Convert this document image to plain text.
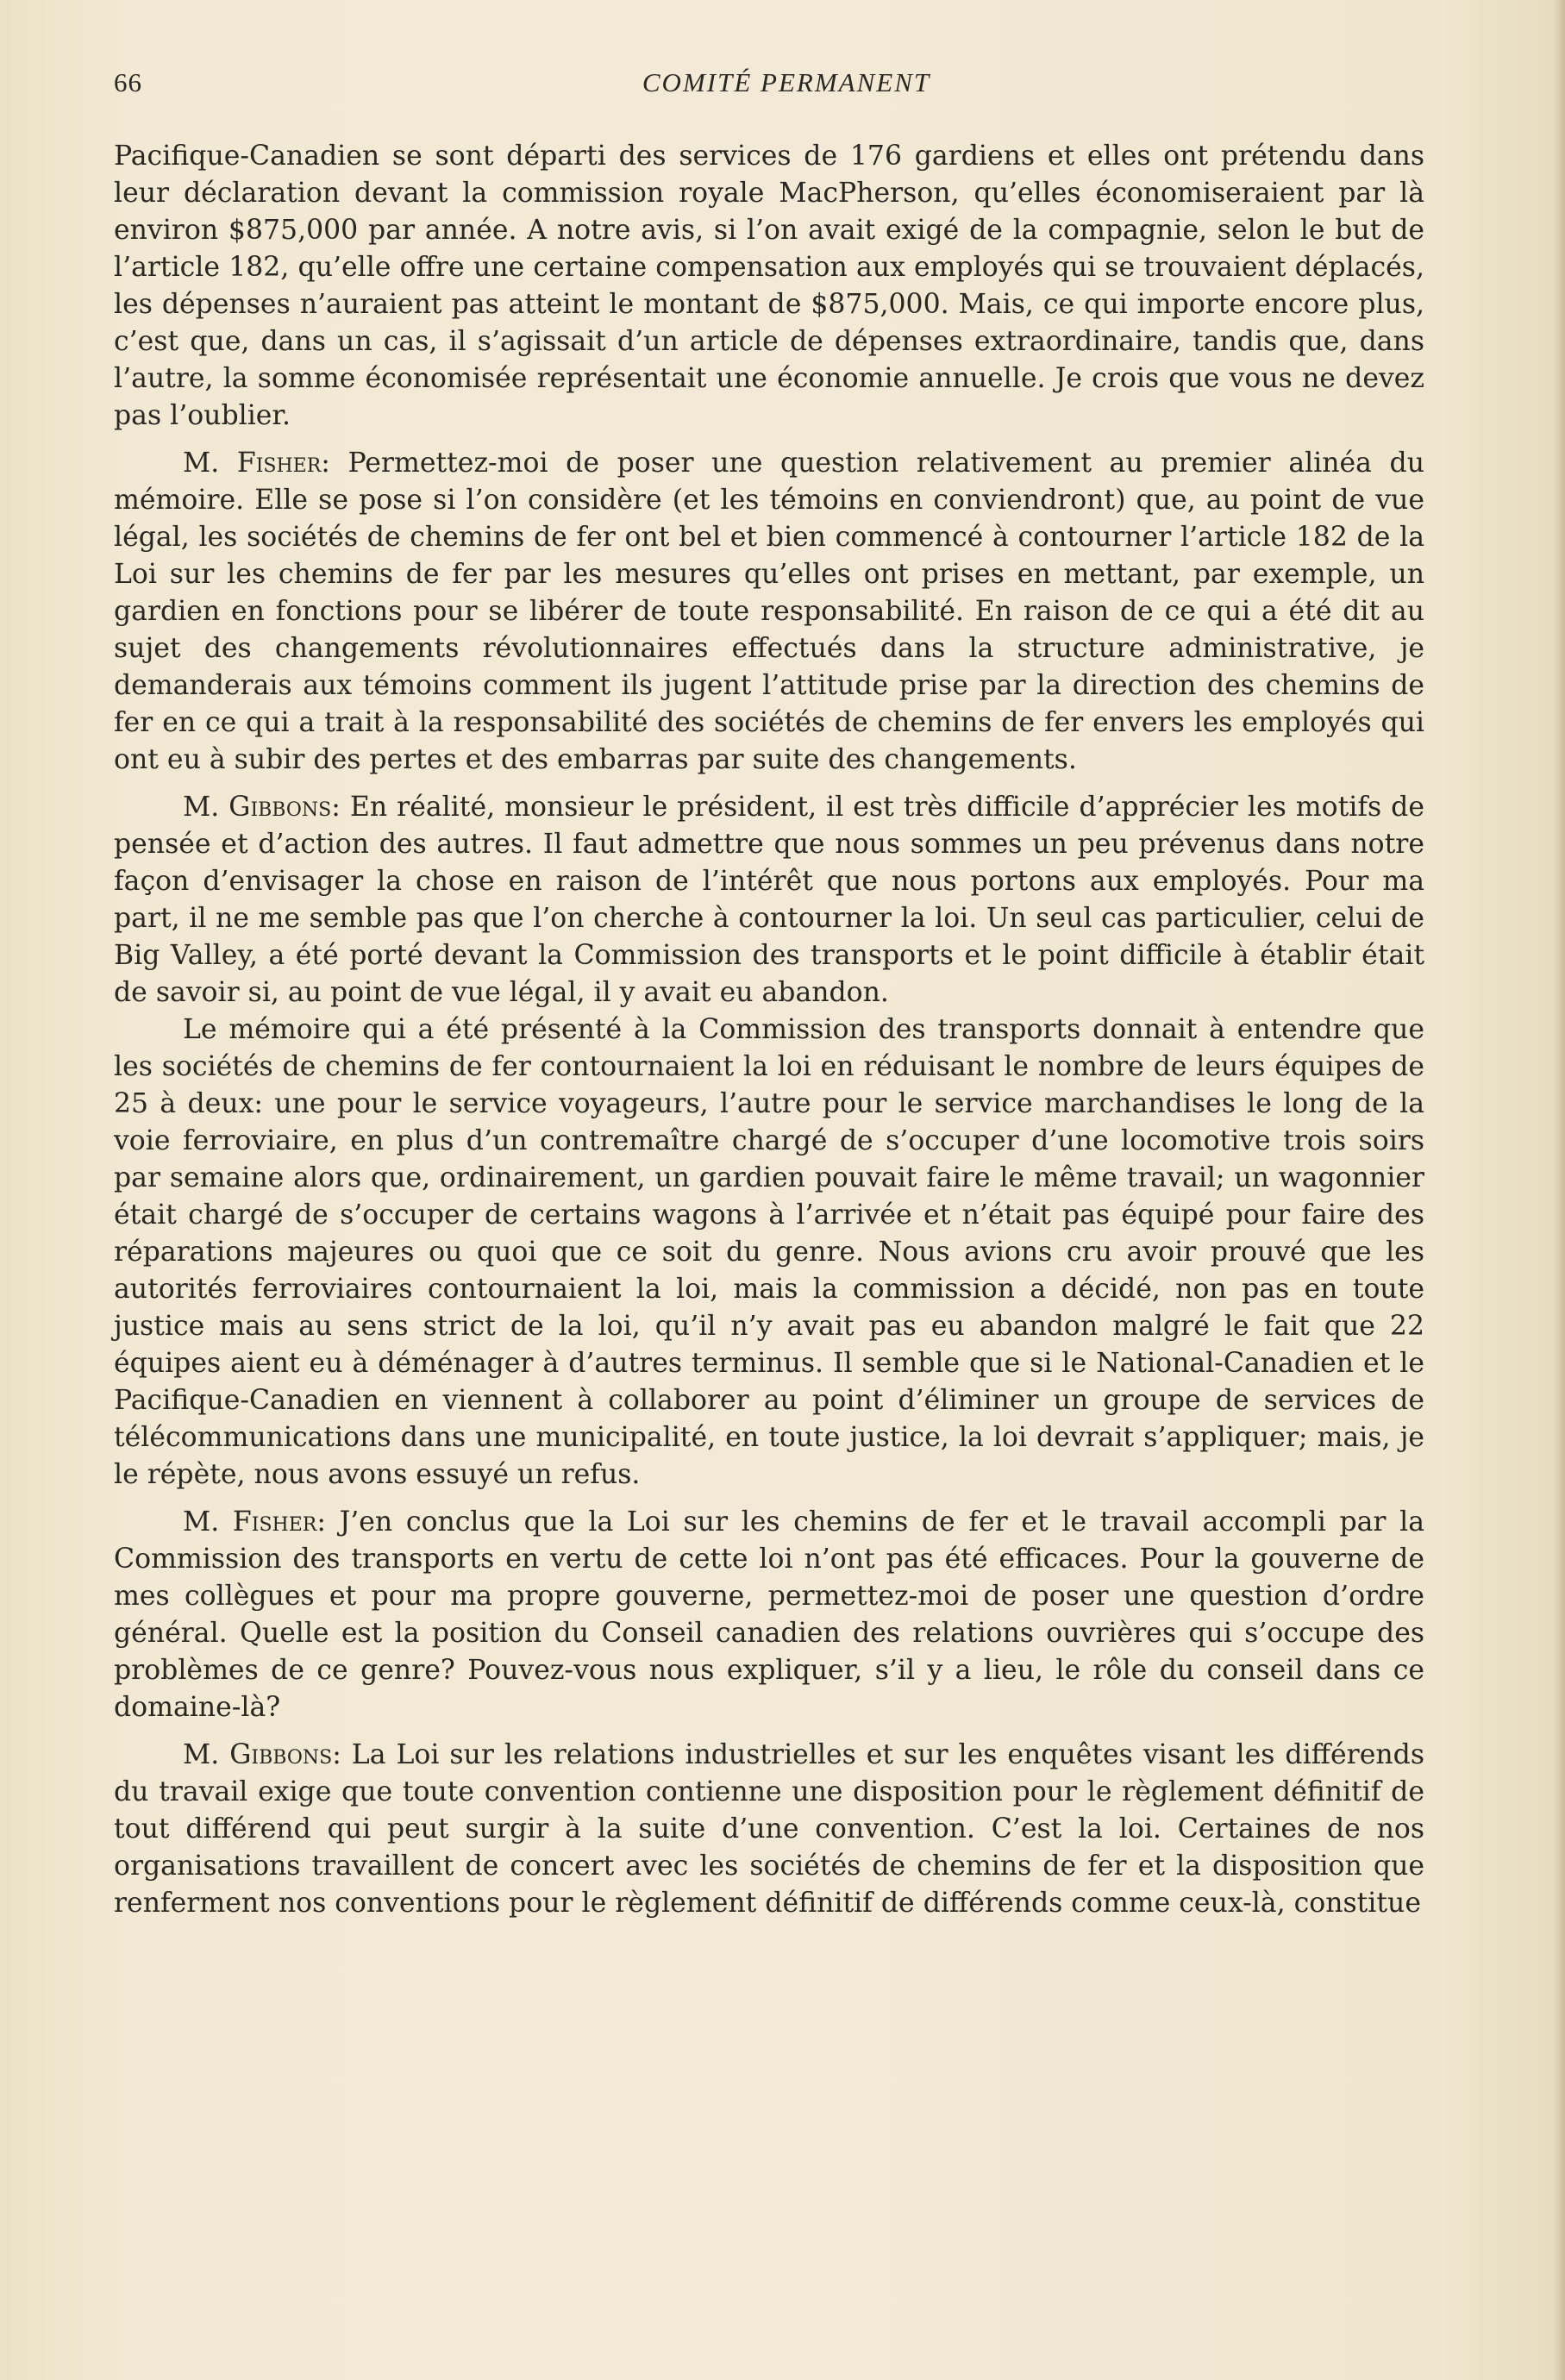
66	COMITÉ PERMANENT

Pacifique-Canadien se sont départi des services de 176 gardiens et elles ont prétendu dans leur déclaration devant la commission royale MacPherson, qu’elles économiseraient par là environ $875,000 par année. A notre avis, si l’on avait exigé de la compagnie, selon le but de l’article 182, qu’elle offre une certaine compensation aux employés qui se trouvaient déplacés, les dépenses n’auraient pas atteint le montant de $875,000. Mais, ce qui importe encore plus, c’est que, dans un cas, il s’agissait d’un article de dépenses extraordinaire, tandis que, dans l’autre, la somme économisée représentait une économie annuelle. Je crois que vous ne devez pas l’oublier.

M. Fisher: Permettez-moi de poser une question relativement au premier alinéa du mémoire. Elle se pose si l’on considère (et les témoins en conviendront) que, au point de vue légal, les sociétés de chemins de fer ont bel et bien commencé à contourner l’article 182 de la Loi sur les chemins de fer par les mesures qu’elles ont prises en mettant, par exemple, un gardien en fonctions pour se libérer de toute responsabilité. En raison de ce qui a été dit au sujet des changements révolutionnaires effectués dans la structure administrative, je demanderais aux témoins comment ils jugent l’attitude prise par la direction des chemins de fer en ce qui a trait à la responsabilité des sociétés de chemins de fer envers les employés qui ont eu à subir des pertes et des embarras par suite des changements.

M. Gibbons: En réalité, monsieur le président, il est très difficile d’apprécier les motifs de pensée et d’action des autres. Il faut admettre que nous sommes un peu prévenus dans notre façon d’envisager la chose en raison de l’intérêt que nous portons aux employés. Pour ma part, il ne me semble pas que l’on cherche à contourner la loi. Un seul cas particulier, celui de Big Valley, a été porté devant la Commission des transports et le point difficile à établir était de savoir si, au point de vue légal, il y avait eu abandon.

Le mémoire qui a été présenté à la Commission des transports donnait à entendre que les sociétés de chemins de fer contournaient la loi en réduisant le nombre de leurs équipes de 25 à deux: une pour le service voyageurs, l’autre pour le service marchandises le long de la voie ferroviaire, en plus d’un contremaître chargé de s’occuper d’une locomotive trois soirs par semaine alors que, ordinairement, un gardien pouvait faire le même travail; un wagonnier était chargé de s’occuper de certains wagons à l’arrivée et n’était pas équipé pour faire des réparations majeures ou quoi que ce soit du genre. Nous avions cru avoir prouvé que les autorités ferroviaires contournaient la loi, mais la commission a décidé, non pas en toute justice mais au sens strict de la loi, qu’il n’y avait pas eu abandon malgré le fait que 22 équipes aient eu à déménager à d’autres terminus. Il semble que si le National-Canadien et le Pacifique-Canadien en viennent à collaborer au point d’éliminer un groupe de services de télécommunications dans une municipalité, en toute justice, la loi devrait s’appliquer; mais, je le répète, nous avons essuyé un refus.

M. Fisher: J’en conclus que la Loi sur les chemins de fer et le travail accompli par la Commission des transports en vertu de cette loi n’ont pas été efficaces. Pour la gouverne de mes collègues et pour ma propre gouverne, permettez-moi de poser une question d’ordre général. Quelle est la position du Conseil canadien des relations ouvrières qui s’occupe des problèmes de ce genre? Pouvez-vous nous expliquer, s’il y a lieu, le rôle du conseil dans ce domaine-là?

M. Gibbons: La Loi sur les relations industrielles et sur les enquêtes visant les différends du travail exige que toute convention contienne une disposition pour le règlement définitif de tout différend qui peut surgir à la suite d’une convention. C’est la loi. Certaines de nos organisations travaillent de concert avec les sociétés de chemins de fer et la disposition que renferment nos conventions pour le règlement définitif de différends comme ceux-là, constitue
